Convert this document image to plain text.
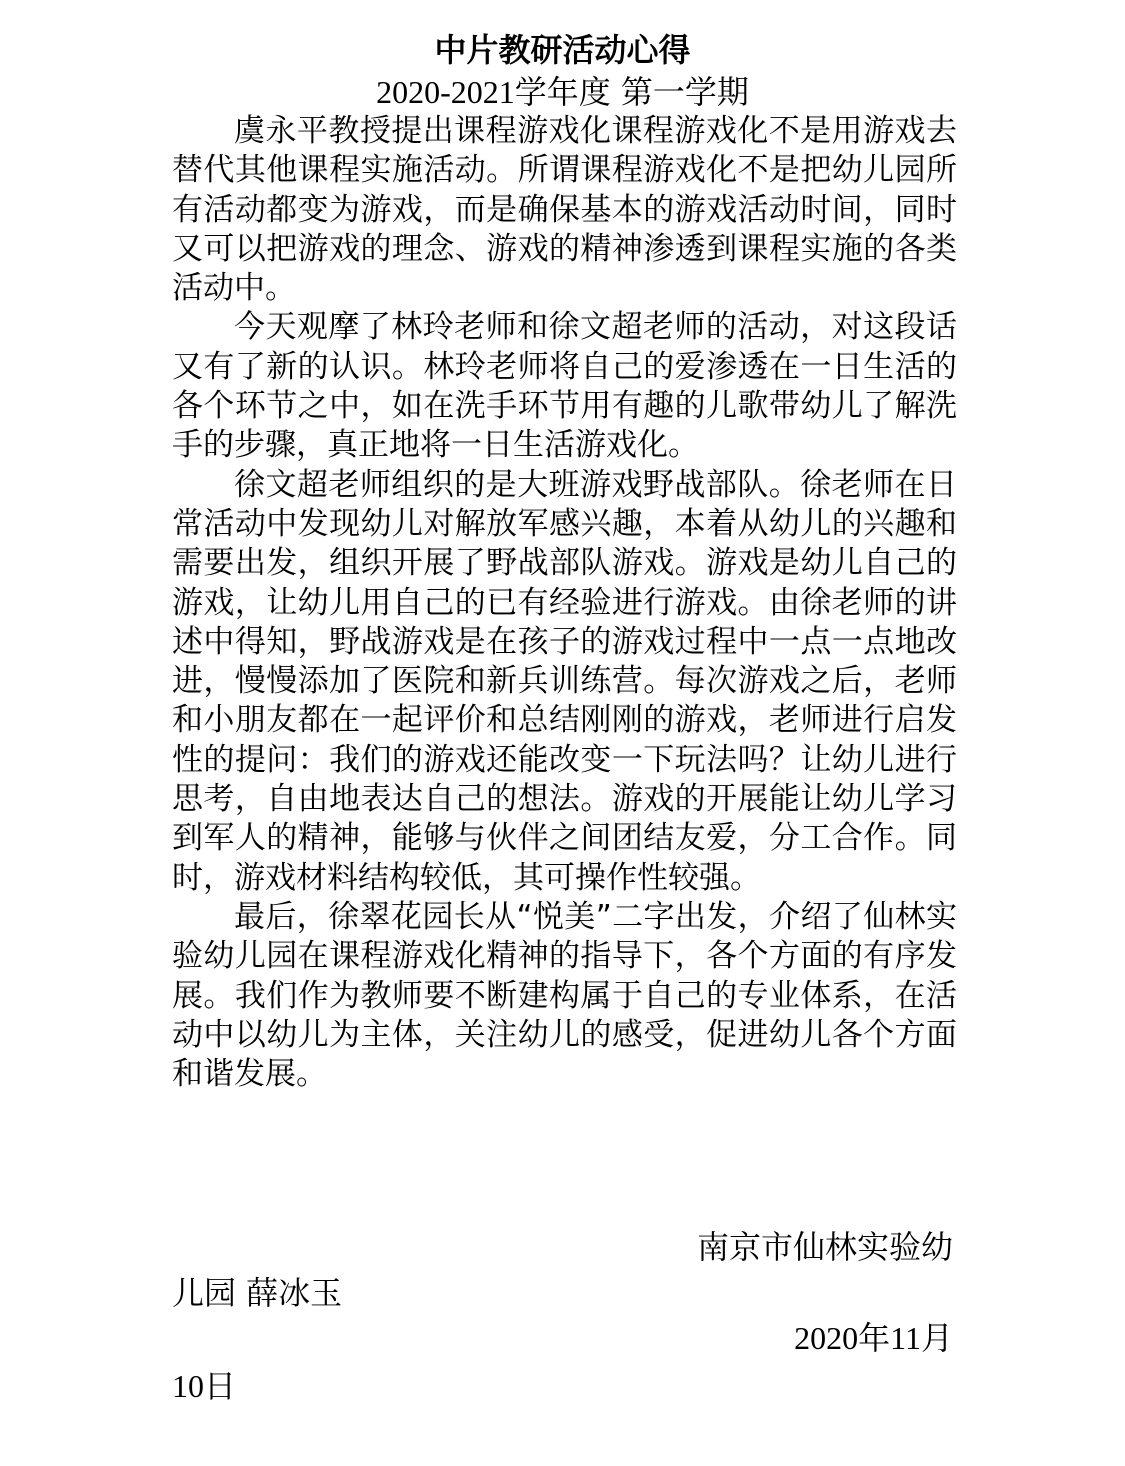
中片教研活动心得
2020-2021学年度 第一学期

虞永平教授提出课程游戏化课程游戏化不是用游戏去替代其他课程实施活动。所谓课程游戏化不是把幼儿园所有活动都变为游戏，而是确保基本的游戏活动时间，同时又可以把游戏的理念、游戏的精神渗透到课程实施的各类活动中。

今天观摩了林玲老师和徐文超老师的活动，对这段话又有了新的认识。林玲老师将自己的爱渗透在一日生活的各个环节之中，如在洗手环节用有趣的儿歌带幼儿了解洗手的步骤，真正地将一日生活游戏化。

徐文超老师组织的是大班游戏野战部队。徐老师在日常活动中发现幼儿对解放军感兴趣，本着从幼儿的兴趣和需要出发，组织开展了野战部队游戏。游戏是幼儿自己的游戏，让幼儿用自己的已有经验进行游戏。由徐老师的讲述中得知，野战游戏是在孩子的游戏过程中一点一点地改进，慢慢添加了医院和新兵训练营。每次游戏之后，老师和小朋友都在一起评价和总结刚刚的游戏，老师进行启发性的提问：我们的游戏还能改变一下玩法吗？让幼儿进行思考，自由地表达自己的想法。游戏的开展能让幼儿学习到军人的精神，能够与伙伴之间团结友爱，分工合作。同时，游戏材料结构较低，其可操作性较强。

最后，徐翠花园长从“悦美”二字出发，介绍了仙林实验幼儿园在课程游戏化精神的指导下，各个方面的有序发展。我们作为教师要不断建构属于自己的专业体系，在活动中以幼儿为主体，关注幼儿的感受，促进幼儿各个方面和谐发展。

南京市仙林实验幼
儿园 薛冰玉
2020年11月
10日
